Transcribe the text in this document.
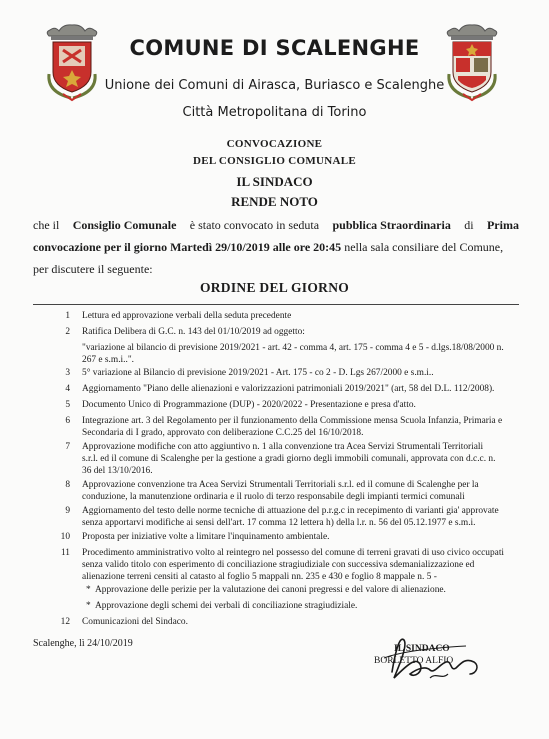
COMUNE DI SCALENGHE
Unione dei Comuni di Airasca, Buriasco e Scalenghe
Città Metropolitana di Torino
CONVOCAZIONE
DEL CONSIGLIO COMUNALE
IL SINDACO
RENDE NOTO
che il Consiglio Comunale è stato convocato in seduta pubblica Straordinaria di Prima
convocazione per il giorno Martedì 29/10/2019 alle ore 20:45 nella sala consiliare del Comune,
per discutere il seguente:
ORDINE DEL GIORNO
1 Lettura ed approvazione verbali della seduta precedente
2 Ratifica Delibera di G.C. n. 143 del 01/10/2019 ad oggetto:
"variazione al bilancio di previsione 2019/2021 - art. 42 - comma 4, art. 175 - comma 4 e 5 - d.lgs.18/08/2000 n.
267 e s.m.i..".
3 5° variazione al Bilancio di previsione 2019/2021 - Art. 175 - co 2 - D. Lgs 267/2000 e s.m.i..
4 Aggiornamento "Piano delle alienazioni e valorizzazioni patrimoniali 2019/2021" (art, 58 del D.L. 112/2008).
5 Documento Unico di Programmazione (DUP) - 2020/2022 - Presentazione e presa d'atto.
6 Integrazione art. 3 del Regolamento per il funzionamento della Commissione mensa Scuola Infanzia, Primaria e
Secondaria di I grado, approvato con deliberazione C.C.25 del 16/10/2018.
7 Approvazione modifiche con atto aggiuntivo n. 1 alla convenzione tra Acea Servizi Strumentali Territoriali
s.r.l. ed il comune di Scalenghe per la gestione a gradi giorno degli immobili comunali, approvata con d.c.c. n.
36 del 13/10/2016.
8 Approvazione convenzione tra Acea Servizi Strumentali Territoriali s.r.l. ed il comune di Scalenghe per la
conduzione, la manutenzione ordinaria e il ruolo di terzo responsabile degli impianti termici comunali
9 Aggiornamento del testo delle norme tecniche di attuazione del p.r.g.c in recepimento di varianti gia' approvate
senza apportarvi modifiche ai sensi dell'art. 17 comma 12 lettera h) della l.r. n. 56 del 05.12.1977 e s.m.i.
10 Proposta per iniziative volte a limitare l'inquinamento ambientale.
11 Procedimento amministrativo volto al reintegro nel possesso del comune di terreni gravati di uso civico occupati
senza valido titolo con esperimento di conciliazione stragiudiziale con successiva sdemanializzazione ed
alienazione terreni censiti al catasto al foglio 5 mappali nn. 235 e 430 e foglio 8 mappale n. 5 -
* Approvazione delle perizie per la valutazione dei canoni pregressi e del valore di alienazione.
* Approvazione degli schemi dei verbali di conciliazione stragiudiziale.
12 Comunicazioni del Sindaco.
Scalenghe, lì 24/10/2019	IL SINDACO
BORLETTO ALFIO
